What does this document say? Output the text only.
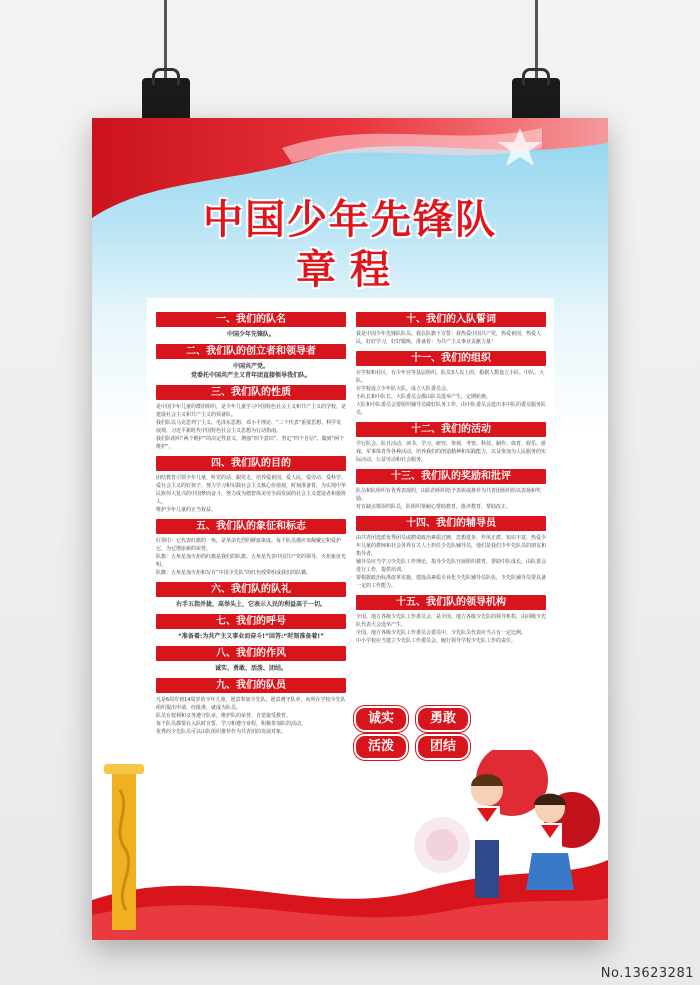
中国少年先锋队
章程
一、我们的队名
中国少年先锋队。
二、我们队的创立者和领导者
中国共产党。
党委托中国共产主义青年团直接领导我们队。
三、我们队的性质
是中国少年儿童的群团组织，是少年儿童学习中国特色社会主义和共产主义的学校，是建设社会主义和共产主义的预备队。
我们队以马克思列宁主义、毛泽东思想、邓小平理论、“三个代表”重要思想、科学发展观、习近平新时代中国特色社会主义思想为行动指南。
我们队组织“两个维护”的决定性意义，增强“四个意识”、坚定“四个自信”、做到“两个维护”。
四、我们队的目的
团结教育引领少年儿童，听党的话、跟党走，培养爱祖国、爱人民、爱劳动、爱科学、爱社会主义的好孩子，努力学习和实践社会主义核心价值观，时刻准备着，为实现中华民族伟大复兴的中国梦而奋斗，努力成为德智体美劳全面发展的社会主义建设者和接班人。
维护少年儿童的正当权益。
五、我们队的象征和标志
红领巾：它代表红旗的一角，是革命先烈的鲜血染成。每个队员都应该佩戴它和爱护它，为它增添新的荣誉。
队旗：五角星加火炬的红旗是我们的队旗。五角星代表中国共产党的领导，火炬象征光明。
队徽：五角星加火炬和写有“中国少先队”的红色绶带组成我们的队徽。
六、我们队的队礼
右手五指并拢，高举头上，它表示人民的利益高于一切。
七、我们的呼号
“准备着:为共产主义事业而奋斗!”回答:“时刻准备着!”
八、我们的作风
诚实、勇敢、活泼、团结。
九、我们的队员
凡是6周岁到14周岁的少年儿童，愿意参加少先队，愿意遵守队章，向所在学校少先队组织提出申请，经批准，就成为队员。
队员有权利和义务遵守队章，维护队的荣誉，自觉接受教育。
每个队员都要在入队时宣誓，学习和遵守章程，积极参加队的活动。
优秀的少先队员可以由队组织推荐作为共青团的发展对象。
十、我们的入队誓词
我是中国少年先锋队队员。我在队旗下宣誓：我热爱中国共产党，热爱祖国，热爱人民，好好学习，好好锻炼，准备着：为共产主义事业贡献力量！
十一、我们的组织
在学校和社区，有少年宫等基层组织，队员3人以上的，根据人数设立小队、中队、大队。
在学校设立少年队大队，成立大队委员会。
小队长和中队长、大队委员会都由队员选举产生，定期轮换。
大队和中队委员会要组织辅导员做好队务工作，由中队委员会选出本中队的委员服务队员。
十二、我们的活动
学行队会、队日活动，读书、学习、研究、参观、考察、科技、制作、体育、娱乐、游戏、军事体育等各种活动，培养我们的创造精神和实践能力，以及参加为人民服务的实际活动，公益劳动和社会服务。
十三、我们队的奖励和批评
队员和队组织有优秀表现的，由队的组织给予表彰或推荐为共青团组织给以表扬和奖励。
对有缺点错误的队员，队组织要耐心帮助教育，批评教育，帮助改正。
十四、我们的辅导员
由共青团选派优秀团员或聘请政治素质过硬、思想进步、作风正派、知识丰富，热爱少年儿童的教师和社会各界有关人士担任少先队辅导员，他们是我们少年先队员的朋友和指导者。
辅导员应当学习少先队工作理论，指导少先队开展组织教育，帮助中队成长，由队委会进行工作，提供培训。
要根据政治标准改革实施，建设高素质专业化少先队辅导员队伍，少先队辅导员要具备一定的工作能力。
十五、我们队的领导机构
全国、地方各级少先队工作委员会，是全国、地方各级少先队的领导机构。由同级少先队代表大会选举产生。
全国、地方各级少先队工作委员会委员中，少先队员代表应当占有一定比例。
中小学校应当建立少先队工作委员会，履行领导学校少先队工作的责任。
诚实	勇敢
活泼	团结
No.13623281
